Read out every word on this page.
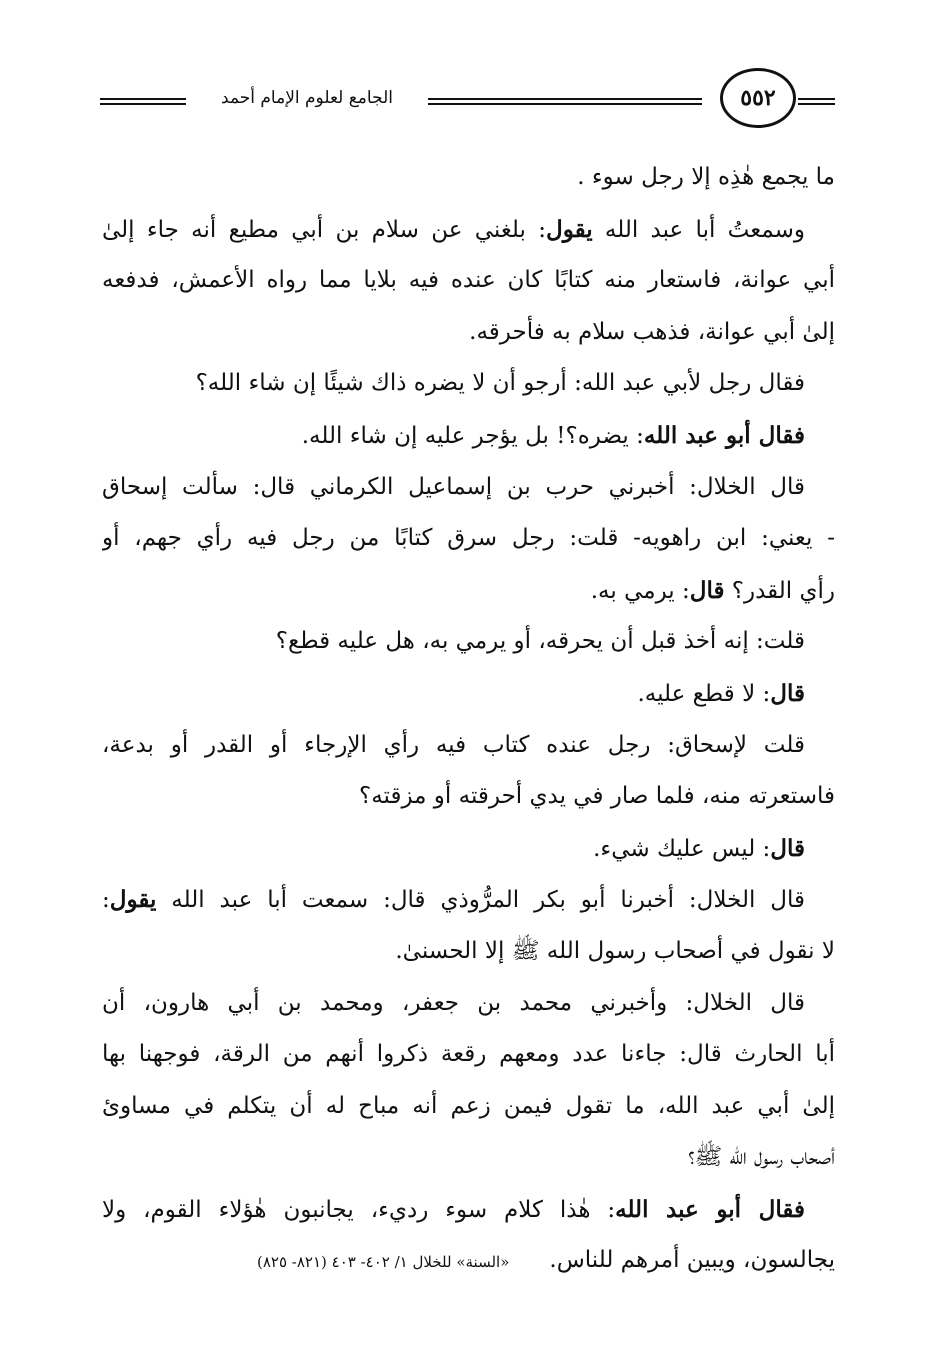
الجامع لعلوم الإمام أحمد	٥٥٢
ما يجمع هٰذِه إلا رجل سوء .
وسمعتُ أبا عبد الله يقول: بلغني عن سلام بن أبي مطيع أنه جاء إلىٰ
أبي عوانة، فاستعار منه كتابًا كان عنده فيه بلايا مما رواه الأعمش، فدفعه
إلىٰ أبي عوانة، فذهب سلام به فأحرقه.
فقال رجل لأبي عبد الله: أرجو أن لا يضره ذاك شيئًا إن شاء الله؟
فقال أبو عبد الله: يضره؟! بل يؤجر عليه إن شاء الله.
قال الخلال: أخبرني حرب بن إسماعيل الكرماني قال: سألت إسحاق
- يعني: ابن راهويه- قلت: رجل سرق كتابًا من رجل فيه رأي جهم، أو
رأي القدر؟ قال: يرمي به.
قلت: إنه أخذ قبل أن يحرقه، أو يرمي به، هل عليه قطع؟
قال: لا قطع عليه.
قلت لإسحاق: رجل عنده كتاب فيه رأي الإرجاء أو القدر أو بدعة،
فاستعرته منه، فلما صار في يدي أحرقته أو مزقته؟
قال: ليس عليك شيء.
قال الخلال: أخبرنا أبو بكر المرُّوذي قال: سمعت أبا عبد الله يقول:
لا نقول في أصحاب رسول الله ﷺ إلا الحسنىٰ.
قال الخلال: وأخبرني محمد بن جعفر، ومحمد بن أبي هارون، أن
أبا الحارث قال: جاءنا عدد ومعهم رقعة ذكروا أنهم من الرقة، فوجهنا بها
إلىٰ أبي عبد الله، ما تقول فيمن زعم أنه مباح له أن يتكلم في مساوئ
أصحاب رسول الله ﷺ؟
فقال أبو عبد الله: هٰذا كلام سوء رديء، يجانبون هٰؤلاء القوم، ولا
يجالسون، ويبين أمرهم للناس.«السنة» للخلال ١/ ٤٠٢- ٤٠٣ (٨٢١- ٨٢٥)
